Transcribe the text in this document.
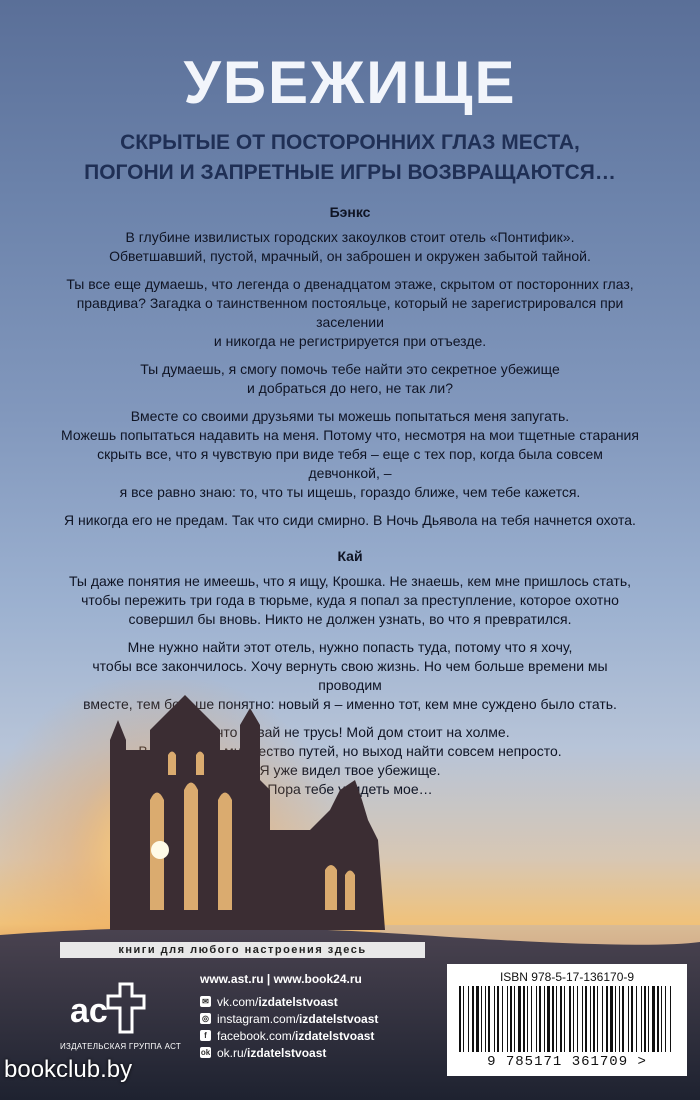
УБЕЖИЩЕ
СКРЫТЫЕ ОТ ПОСТОРОННИХ ГЛАЗ МЕСТА,
ПОГОНИ И ЗАПРЕТНЫЕ ИГРЫ ВОЗВРАЩАЮТСЯ…
Бэнкс

В глубине извилистых городских закоулков стоит отель «Понтифик».
Обветшавший, пустой, мрачный, он заброшен и окружен забытой тайной.

Ты все еще думаешь, что легенда о двенадцатом этаже, скрытом от посторонних глаз,
правдива? Загадка о таинственном постояльце, который не зарегистрировался при заселении
и никогда не регистрируется при отъезде.

Ты думаешь, я смогу помочь тебе найти это секретное убежище
и добраться до него, не так ли?

Вместе со своими друзьями ты можешь попытаться меня запугать.
Можешь попытаться надавить на меня. Потому что, несмотря на мои тщетные старания
скрыть все, что я чувствую при виде тебя – еще с тех пор, когда была совсем девчонкой, –
я все равно знаю: то, что ты ищешь, гораздо ближе, чем тебе кажется.

Я никогда его не предам. Так что сиди смирно. В Ночь Дьявола на тебя начнется охота.

Кай

Ты даже понятия не имеешь, что я ищу, Крошка. Не знаешь, кем мне пришлось стать,
чтобы пережить три года в тюрьме, куда я попал за преступление, которое охотно
совершил бы вновь. Никто не должен узнать, во что я превратился.

Мне нужно найти этот отель, нужно попасть туда, потому что я хочу,
чтобы все закончилось. Хочу вернуть свою жизнь. Но чем больше времени мы

книги для любого настроения здесь
ac
ИЗДАТЕЛЬСКАЯ ГРУППА АСТ
www.ast.ru | www.book24.ru
✉ vk.com/ izdatelstvoast
◎ instagram.com/ izdatelstvoast
f facebook.com/ izdatelstvoast
ok ok.ru/ izdatelstvoast
ISBN 978-5-17-136170-9
9 785171 361709 >
bookclub.by
